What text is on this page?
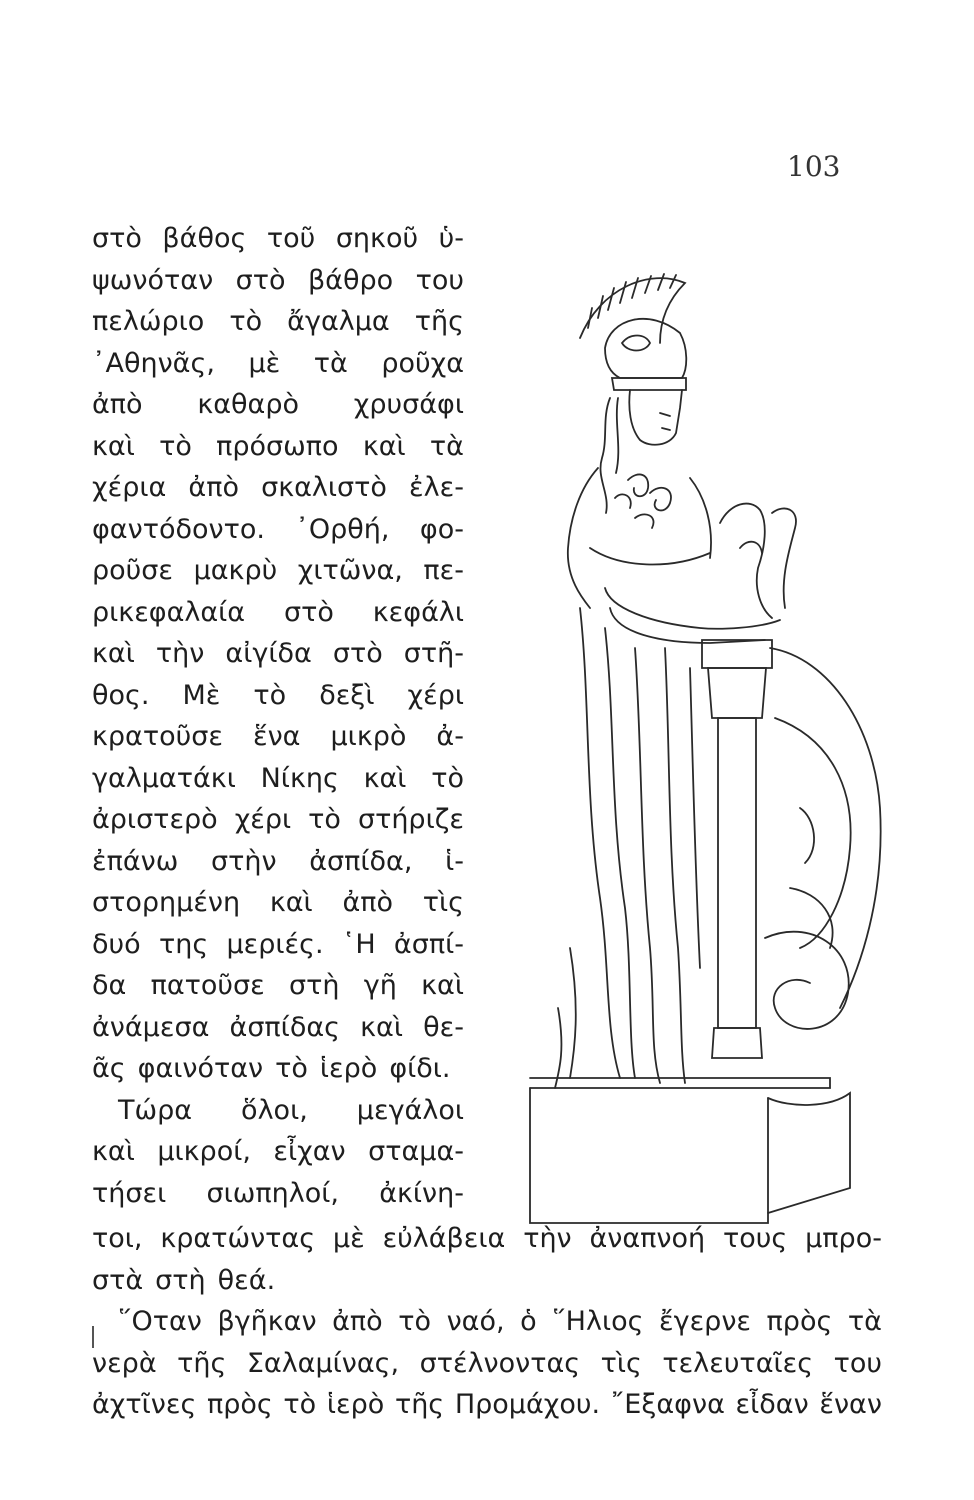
103
στὸ βάθος τοῦ σηκοῦ ὑ-
ψωνόταν στὸ βάθρο του
πελώριο τὸ ἄγαλμα τῆς
᾿Αθηνᾶς, μὲ τὰ ροῦχα
ἀπὸ καθαρὸ χρυσάφι
καὶ τὸ πρόσωπο καὶ τὰ
χέρια ἀπὸ σκαλιστὸ ἐλε-
φαντόδοντο. ᾿Ορθή, φο-
ροῦσε μακρὺ χιτῶνα, πε-
ρικεφαλαία στὸ κεφάλι
καὶ τὴν αἰγίδα στὸ στῆ-
θος. Μὲ τὸ δεξὶ χέρι
κρατοῦσε ἕνα μικρὸ ἀ-
γαλματάκι Νίκης καὶ τὸ
ἀριστερὸ χέρι τὸ στήριζε
ἐπάνω στὴν ἀσπίδα, ἱ-
στορημένη καὶ ἀπὸ τὶς
δυό της μεριές. ῾Η ἀσπί-
δα πατοῦσε στὴ γῆ καὶ
ἀνάμεσα ἀσπίδας καὶ θε-
ᾶς φαινόταν τὸ ἱερὸ φίδι.
Τώρα ὅλοι, μεγάλοι
καὶ μικροί, εἶχαν σταμα-
τήσει σιωπηλοί, ἀκίνη-
τοι, κρατώντας μὲ εὐλάβεια τὴν ἀναπνοή τους μπρο-
στὰ στὴ θεά.
῞Οταν βγῆκαν ἀπὸ τὸ ναό, ὁ ῞Ηλιος ἔγερνε πρὸς τὰ
νερὰ τῆς Σαλαμίνας, στέλνοντας τὶς τελευταῖες του
ἀχτῖνες πρὸς τὸ ἱερὸ τῆς Προμάχου. ῎Εξαφνα εἶδαν ἕναν
